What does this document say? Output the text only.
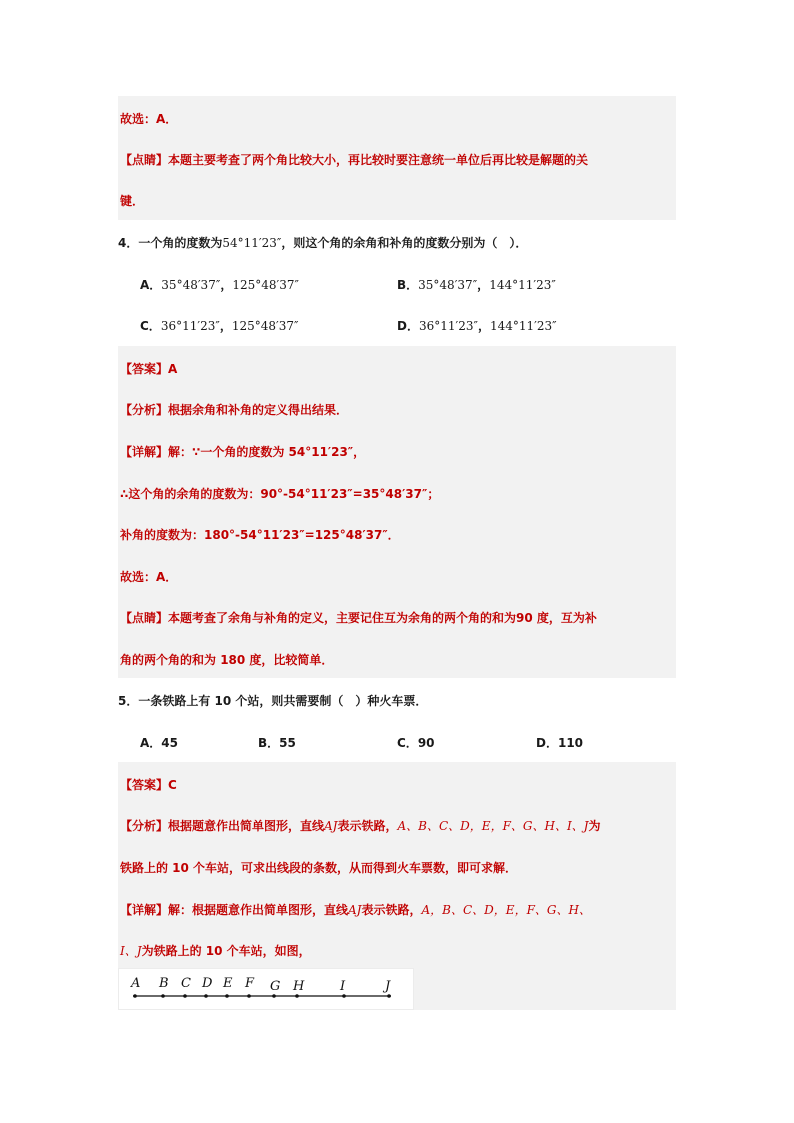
故选：A．
【点睛】本题主要考查了两个角比较大小，再比较时要注意统一单位后再比较是解题的关
键．
4．一个角的度数为54°11′23″，则这个角的余角和补角的度数分别为（　）．
A．35°48′37″，125°48′37″	B．35°48′37″，144°11′23″
C．36°11′23″，125°48′37″	D．36°11′23″，144°11′23″
【答案】A
【分析】根据余角和补角的定义得出结果．
【详解】解：∵一个角的度数为 54°11′23″，
∴这个角的余角的度数为：90°-54°11′23″=35°48′37″；
补角的度数为：180°-54°11′23″=125°48′37″．
故选：A．
【点睛】本题考查了余角与补角的定义，主要记住互为余角的两个角的和为90 度，互为补
角的两个角的和为 180 度，比较简单．
5．一条铁路上有 10 个站，则共需要制（　）种火车票．
A．45	B．55	C．90	D．110
【答案】C
【分析】根据题意作出简单图形，直线AJ表示铁路，A、B、C、D，E，F、G、H、I、J为
铁路上的 10 个车站，可求出线段的条数，从而得到火车票数，即可求解．
【详解】解：根据题意作出简单图形，直线AJ表示铁路，A，B、C、D，E，F、G、H、
I、J为铁路上的 10 个车站，如图，
A B C D E F G H	I	J
